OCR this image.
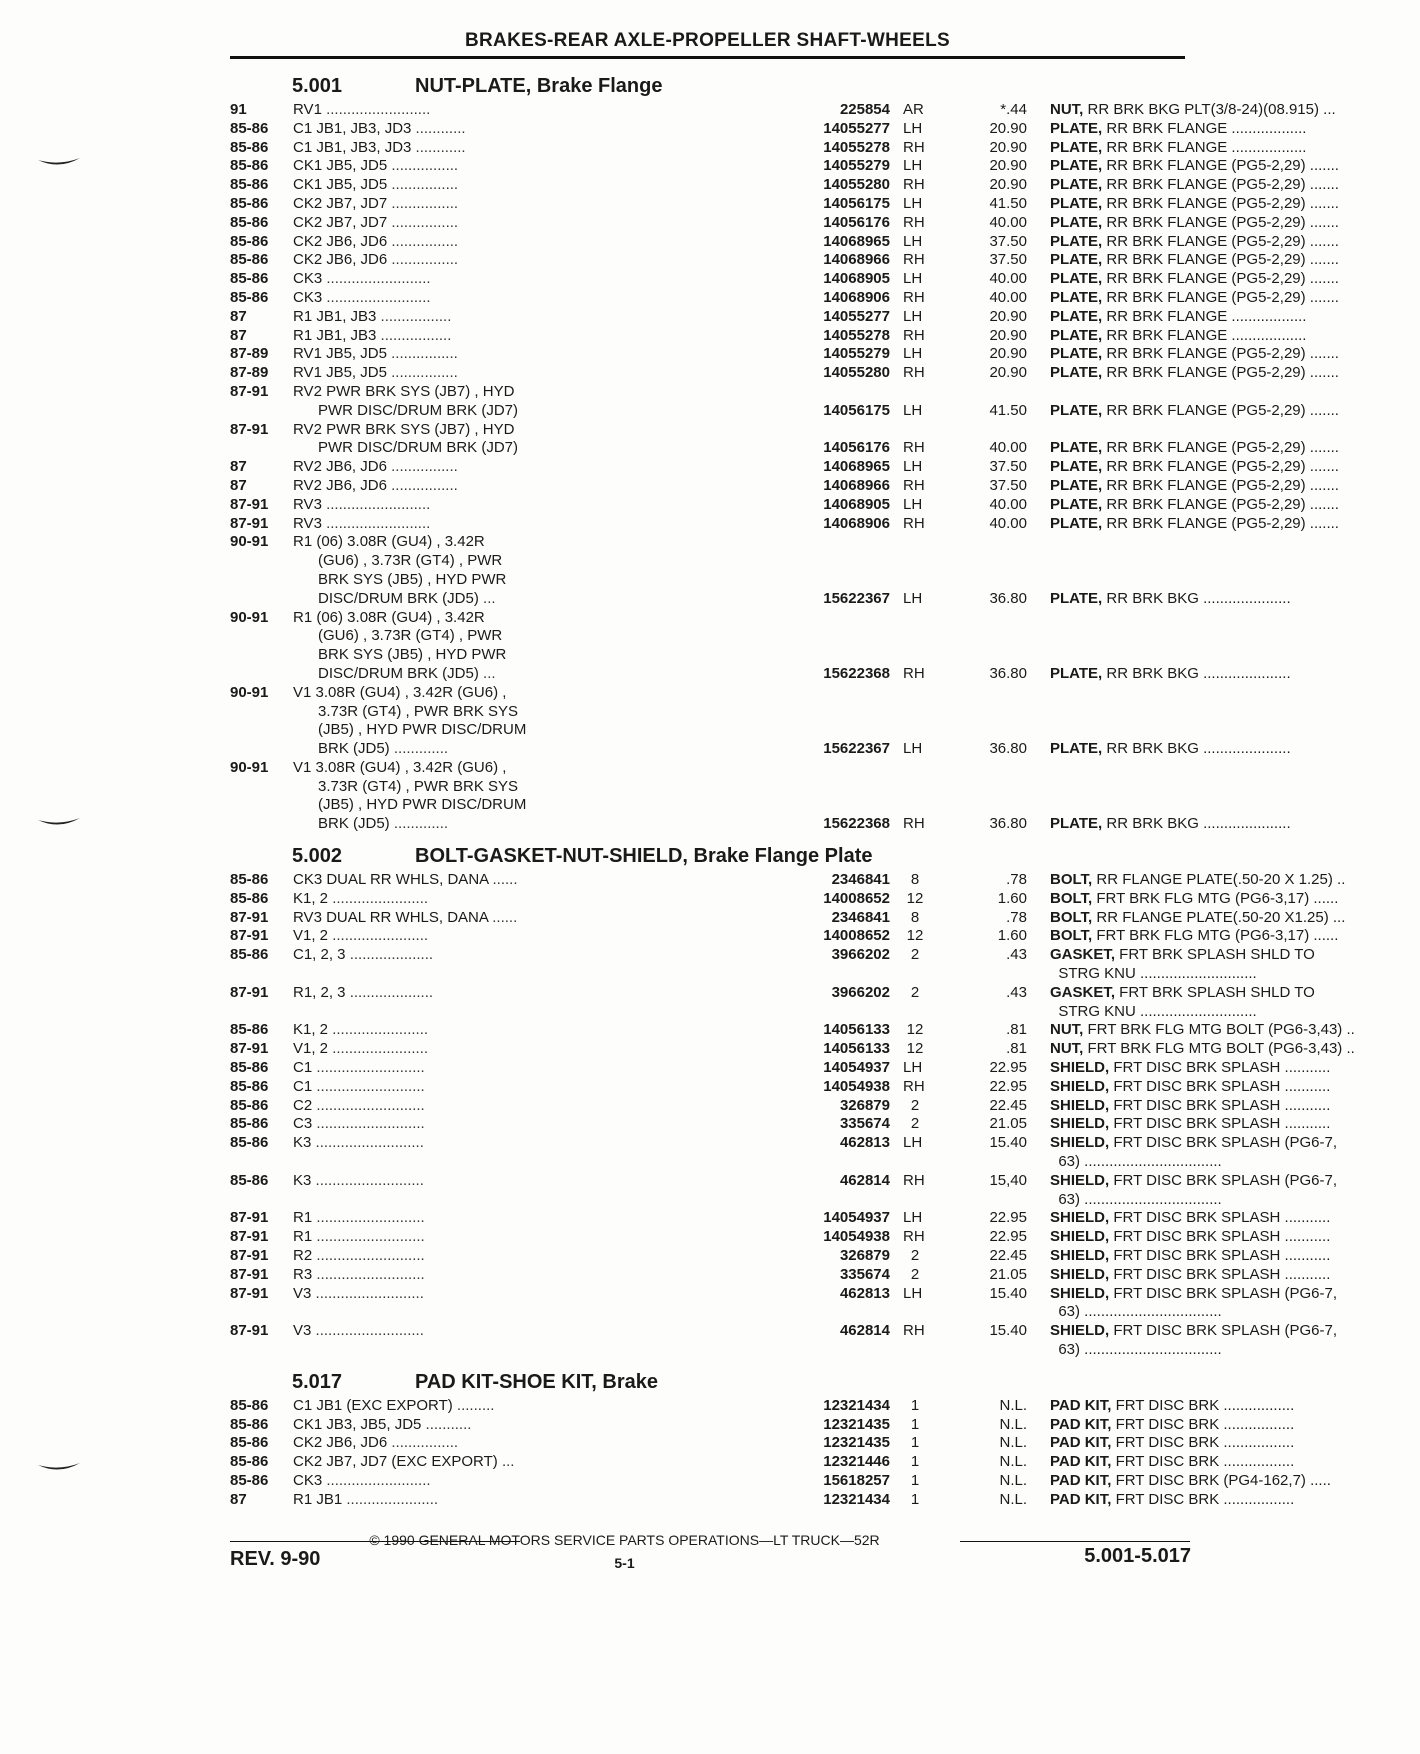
BRAKES-REAR AXLE-PROPELLER SHAFT-WHEELS
5.001	NUT-PLATE, Brake Flange
91	RV1 .........................	225854 AR	*.44 NUT, RR BRK BKG PLT(3/8-24)(08.915) ...
85-86	C1 JB1, JB3, JD3 ............	14055277 LH	20.90 PLATE, RR BRK FLANGE ..................
85-86	C1 JB1, JB3, JD3 ............	14055278 RH	20.90 PLATE, RR BRK FLANGE ..................
85-86	CK1 JB5, JD5 ................	14055279 LH	20.90 PLATE, RR BRK FLANGE (PG5-2,29) .......
85-86	CK1 JB5, JD5 ................	14055280 RH	20.90 PLATE, RR BRK FLANGE (PG5-2,29) .......
85-86	CK2 JB7, JD7 ................	14056175 LH	41.50 PLATE, RR BRK FLANGE (PG5-2,29) .......
85-86	CK2 JB7, JD7 ................	14056176 RH	40.00 PLATE, RR BRK FLANGE (PG5-2,29) .......
85-86	CK2 JB6, JD6 ................	14068965 LH	37.50 PLATE, RR BRK FLANGE (PG5-2,29) .......
85-86	CK2 JB6, JD6 ................	14068966 RH	37.50 PLATE, RR BRK FLANGE (PG5-2,29) .......
85-86	CK3 .........................	14068905 LH	40.00 PLATE, RR BRK FLANGE (PG5-2,29) .......
85-86	CK3 .........................	14068906 RH	40.00 PLATE, RR BRK FLANGE (PG5-2,29) .......
87	R1 JB1, JB3 .................	14055277 LH	20.90 PLATE, RR BRK FLANGE ..................
87	R1 JB1, JB3 .................	14055278 RH	20.90 PLATE, RR BRK FLANGE ..................
87-89	RV1 JB5, JD5 ................	14055279 LH	20.90 PLATE, RR BRK FLANGE (PG5-2,29) .......
87-89	RV1 JB5, JD5 ................	14055280 RH	20.90 PLATE, RR BRK FLANGE (PG5-2,29) .......
87-91	RV2 PWR BRK SYS (JB7) , HYD
PWR DISC/DRUM BRK (JD7)	14056175 LH	41.50 PLATE, RR BRK FLANGE (PG5-2,29) .......
87-91	RV2 PWR BRK SYS (JB7) , HYD
PWR DISC/DRUM BRK (JD7)	14056176 RH	40.00 PLATE, RR BRK FLANGE (PG5-2,29) .......
87	RV2 JB6, JD6 ................	14068965 LH	37.50 PLATE, RR BRK FLANGE (PG5-2,29) .......
87	RV2 JB6, JD6 ................	14068966 RH	37.50 PLATE, RR BRK FLANGE (PG5-2,29) .......
87-91	RV3 .........................	14068905 LH	40.00 PLATE, RR BRK FLANGE (PG5-2,29) .......
87-91	RV3 .........................	14068906 RH	40.00 PLATE, RR BRK FLANGE (PG5-2,29) .......
90-91	R1 (06) 3.08R (GU4) , 3.42R
(GU6) , 3.73R (GT4) , PWR
BRK SYS (JB5) , HYD PWR
DISC/DRUM BRK (JD5) ...	15622367 LH	36.80 PLATE, RR BRK BKG .....................
90-91	R1 (06) 3.08R (GU4) , 3.42R
(GU6) , 3.73R (GT4) , PWR
BRK SYS (JB5) , HYD PWR
DISC/DRUM BRK (JD5) ...	15622368 RH	36.80 PLATE, RR BRK BKG .....................
90-91	V1 3.08R (GU4) , 3.42R (GU6) ,
3.73R (GT4) , PWR BRK SYS
(JB5) , HYD PWR DISC/DRUM
BRK (JD5) .............	15622367 LH	36.80 PLATE, RR BRK BKG .....................
90-91	V1 3.08R (GU4) , 3.42R (GU6) ,
3.73R (GT4) , PWR BRK SYS
(JB5) , HYD PWR DISC/DRUM
BRK (JD5) .............	15622368 RH	36.80 PLATE, RR BRK BKG .....................
5.002	BOLT-GASKET-NUT-SHIELD, Brake Flange Plate
85-86	CK3 DUAL RR WHLS, DANA ......	2346841	8	.78 BOLT, RR FLANGE PLATE(.50-20 X 1.25) ..
85-86	K1, 2 .......................	14008652 12	1.60 BOLT, FRT BRK FLG MTG (PG6-3,17) ......
87-91	RV3 DUAL RR WHLS, DANA ......	2346841	8	.78 BOLT, RR FLANGE PLATE(.50-20 X1.25) ...
87-91	V1, 2 .......................	14008652 12	1.60 BOLT, FRT BRK FLG MTG (PG6-3,17) ......
85-86	C1, 2, 3 ....................	3966202	2	.43 GASKET, FRT BRK SPLASH SHLD TO
STRG KNU ............................
87-91	R1, 2, 3 ....................	3966202	2	.43 GASKET, FRT BRK SPLASH SHLD TO
STRG KNU ............................
85-86	K1, 2 .......................	14056133 12	.81 NUT, FRT BRK FLG MTG BOLT (PG6-3,43) ..
87-91	V1, 2 .......................	14056133 12	.81 NUT, FRT BRK FLG MTG BOLT (PG6-3,43) ..
85-86	C1 ..........................	14054937 LH	22.95 SHIELD, FRT DISC BRK SPLASH ...........
85-86	C1 ..........................	14054938 RH	22.95 SHIELD, FRT DISC BRK SPLASH ...........
85-86	C2 ..........................	326879	2	22.45 SHIELD, FRT DISC BRK SPLASH ...........
85-86	C3 ..........................	335674	2	21.05 SHIELD, FRT DISC BRK SPLASH ...........
85-86	K3 ..........................	462813 LH	15.40 SHIELD, FRT DISC BRK SPLASH (PG6-7,
63) .................................
85-86	K3 ..........................	462814 RH	15,40 SHIELD, FRT DISC BRK SPLASH (PG6-7,
63) .................................
87-91	R1 ..........................	14054937 LH	22.95 SHIELD, FRT DISC BRK SPLASH ...........
87-91	R1 ..........................	14054938 RH	22.95 SHIELD, FRT DISC BRK SPLASH ...........
87-91	R2 ..........................	326879	2	22.45 SHIELD, FRT DISC BRK SPLASH ...........
87-91	R3 ..........................	335674	2	21.05 SHIELD, FRT DISC BRK SPLASH ...........
87-91	V3 ..........................	462813 LH	15.40 SHIELD, FRT DISC BRK SPLASH (PG6-7,
63) .................................
87-91	V3 ..........................	462814 RH	15.40 SHIELD, FRT DISC BRK SPLASH (PG6-7,
63) .................................
5.017	PAD KIT-SHOE KIT, Brake
85-86	C1 JB1 (EXC EXPORT) .........	12321434	1	N.L. PAD KIT, FRT DISC BRK .................
85-86	CK1 JB3, JB5, JD5 ...........	12321435	1	N.L. PAD KIT, FRT DISC BRK .................
85-86	CK2 JB6, JD6 ................	12321435	1	N.L. PAD KIT, FRT DISC BRK .................
85-86	CK2 JB7, JD7 (EXC EXPORT) ...	12321446	1	N.L. PAD KIT, FRT DISC BRK .................
85-86	CK3 .........................	15618257	1	N.L. PAD KIT, FRT DISC BRK (PG4-162,7) .....
87	R1 JB1 ......................	12321434	1	N.L. PAD KIT, FRT DISC BRK .................
© 1990 GENERAL MOTORS SERVICE PARTS OPERATIONS—LT TRUCK—52R
REV. 9-90	5-1	5.001-5.017
